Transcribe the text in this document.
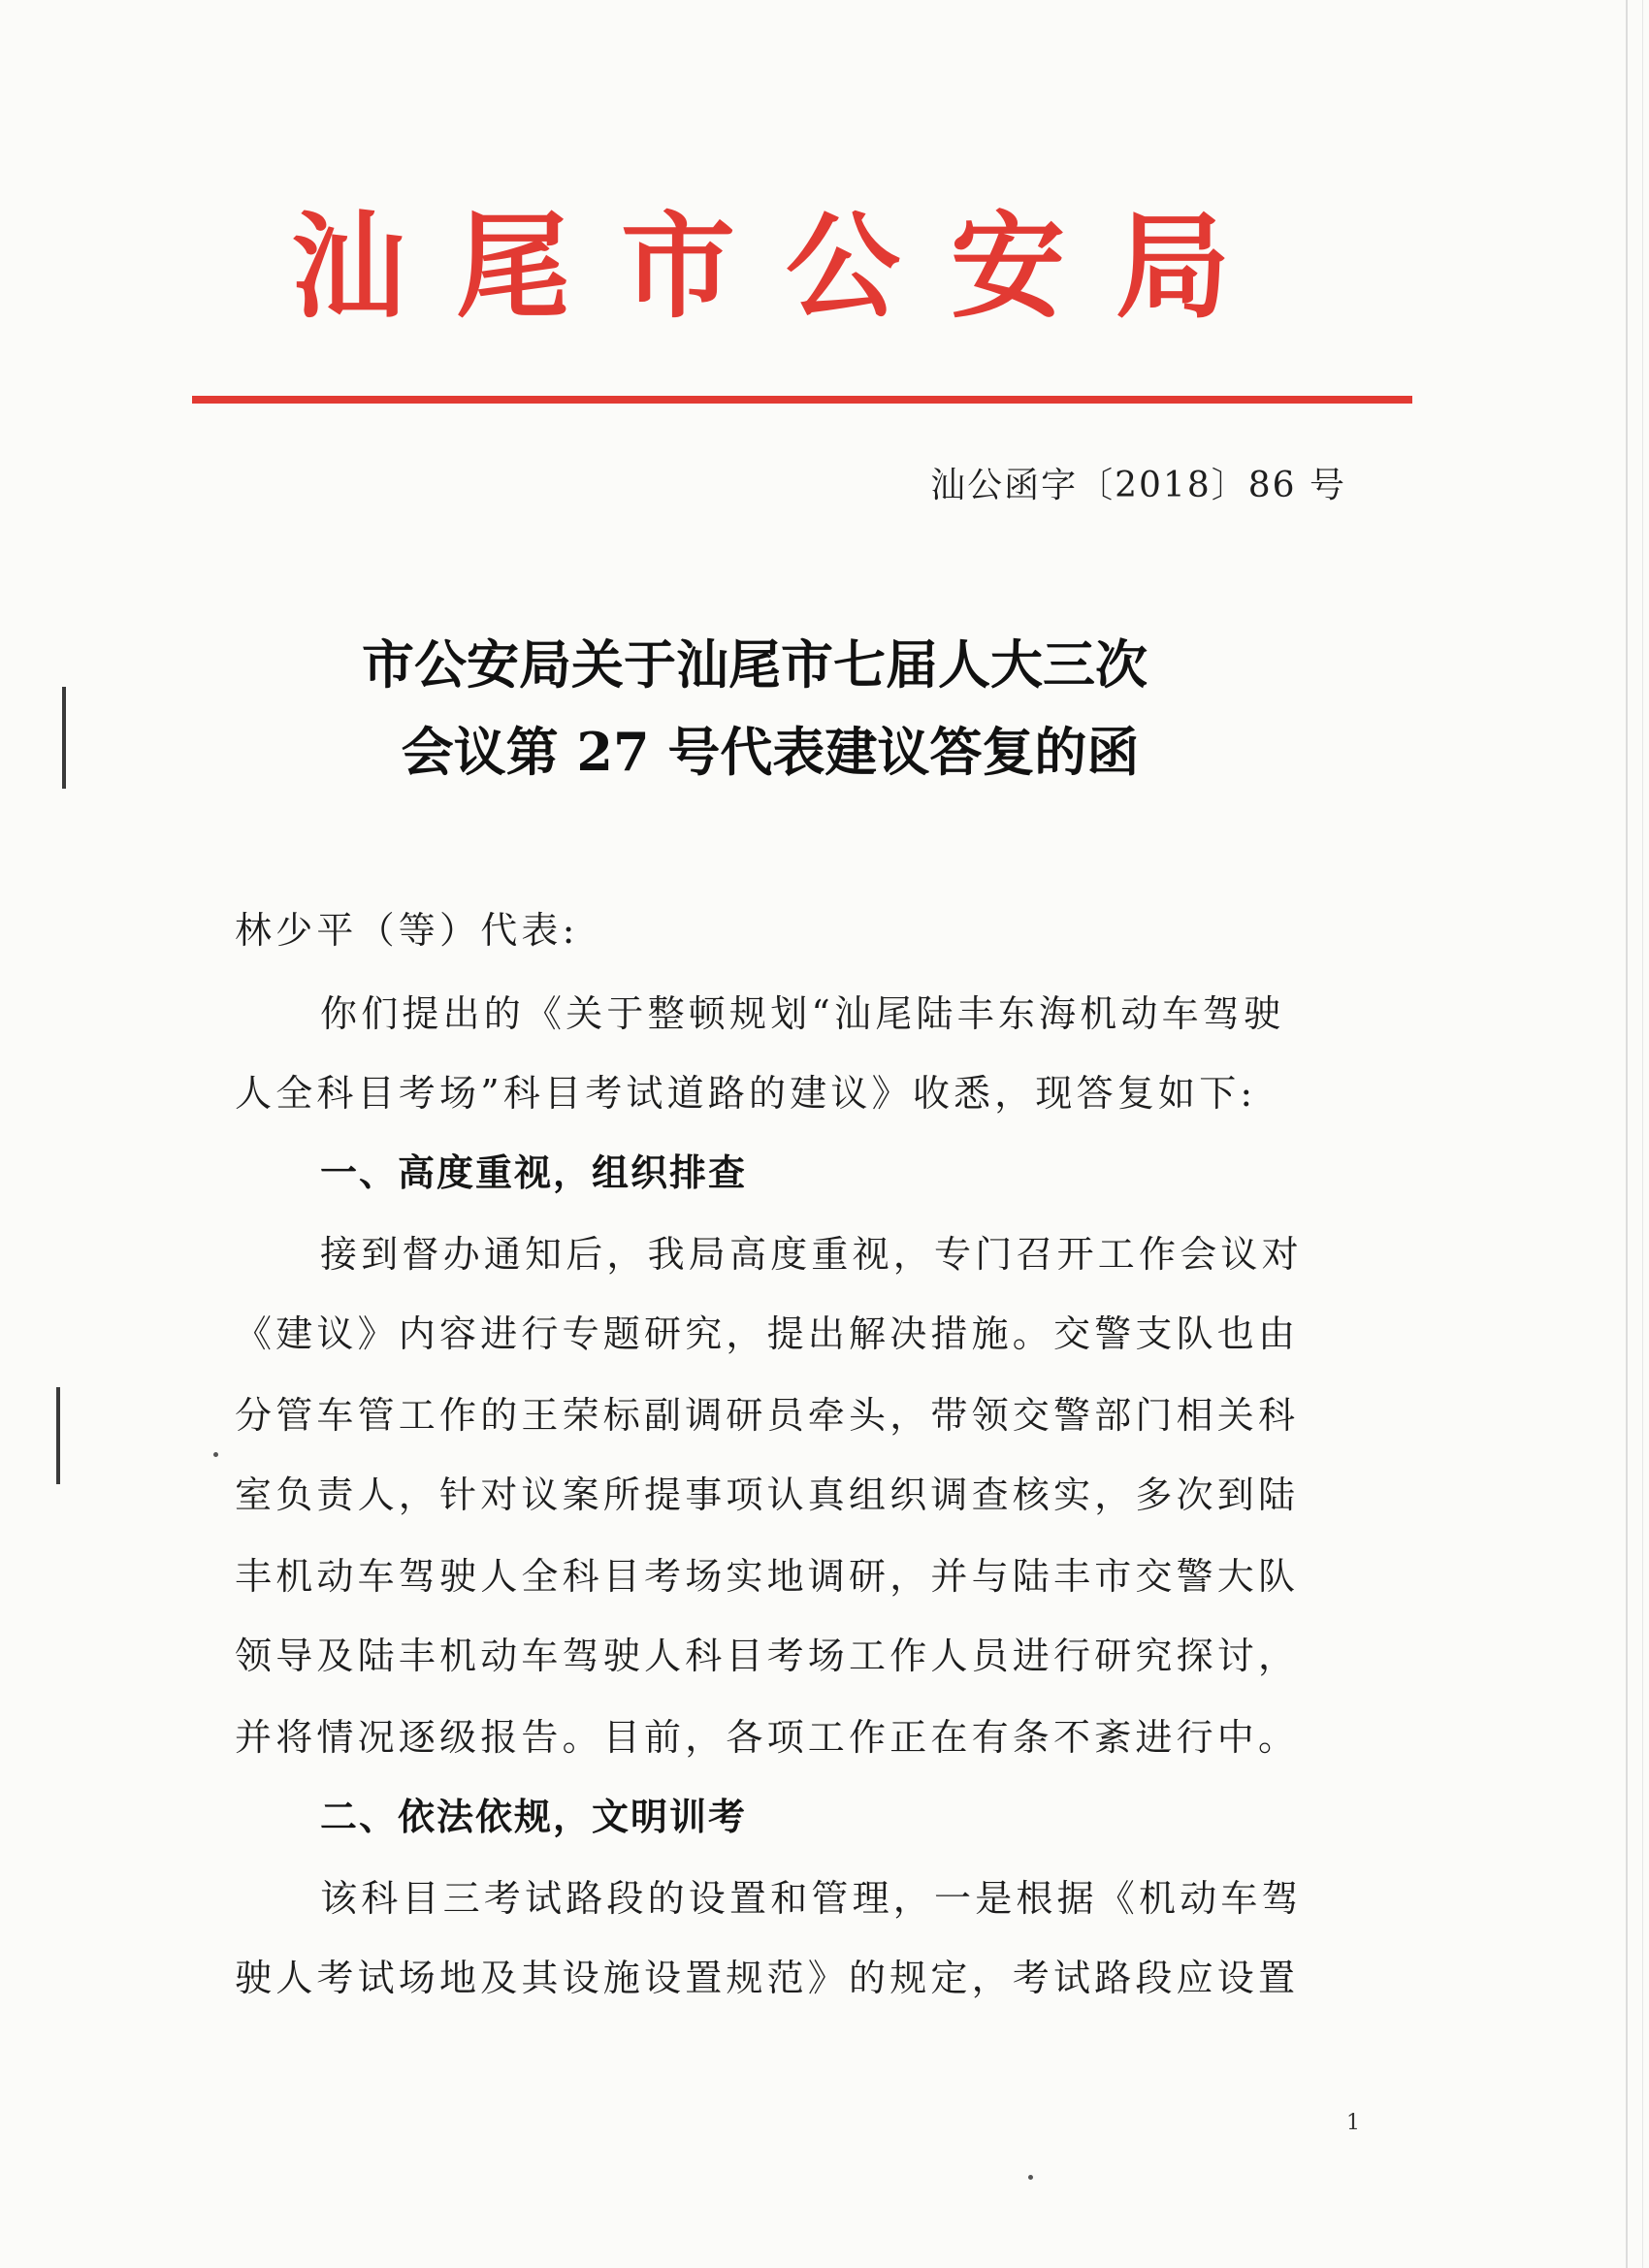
汕尾市公安局
汕公函字〔2018〕86 号
市公安局关于汕尾市七届人大三次
会议第 27 号代表建议答复的函
林少平（等）代表:
你们提出的《关于整顿规划“汕尾陆丰东海机动车驾驶
人全科目考场”科目考试道路的建议》收悉，现答复如下:
一、高度重视，组织排查
接到督办通知后，我局高度重视，专门召开工作会议对
《建议》内容进行专题研究，提出解决措施。交警支队也由
分管车管工作的王荣标副调研员牵头，带领交警部门相关科
室负责人，针对议案所提事项认真组织调查核实，多次到陆
丰机动车驾驶人全科目考场实地调研，并与陆丰市交警大队
领导及陆丰机动车驾驶人科目考场工作人员进行研究探讨，
并将情况逐级报告。目前，各项工作正在有条不紊进行中。
二、依法依规，文明训考
该科目三考试路段的设置和管理，一是根据《机动车驾
驶人考试场地及其设施设置规范》的规定，考试路段应设置
1
